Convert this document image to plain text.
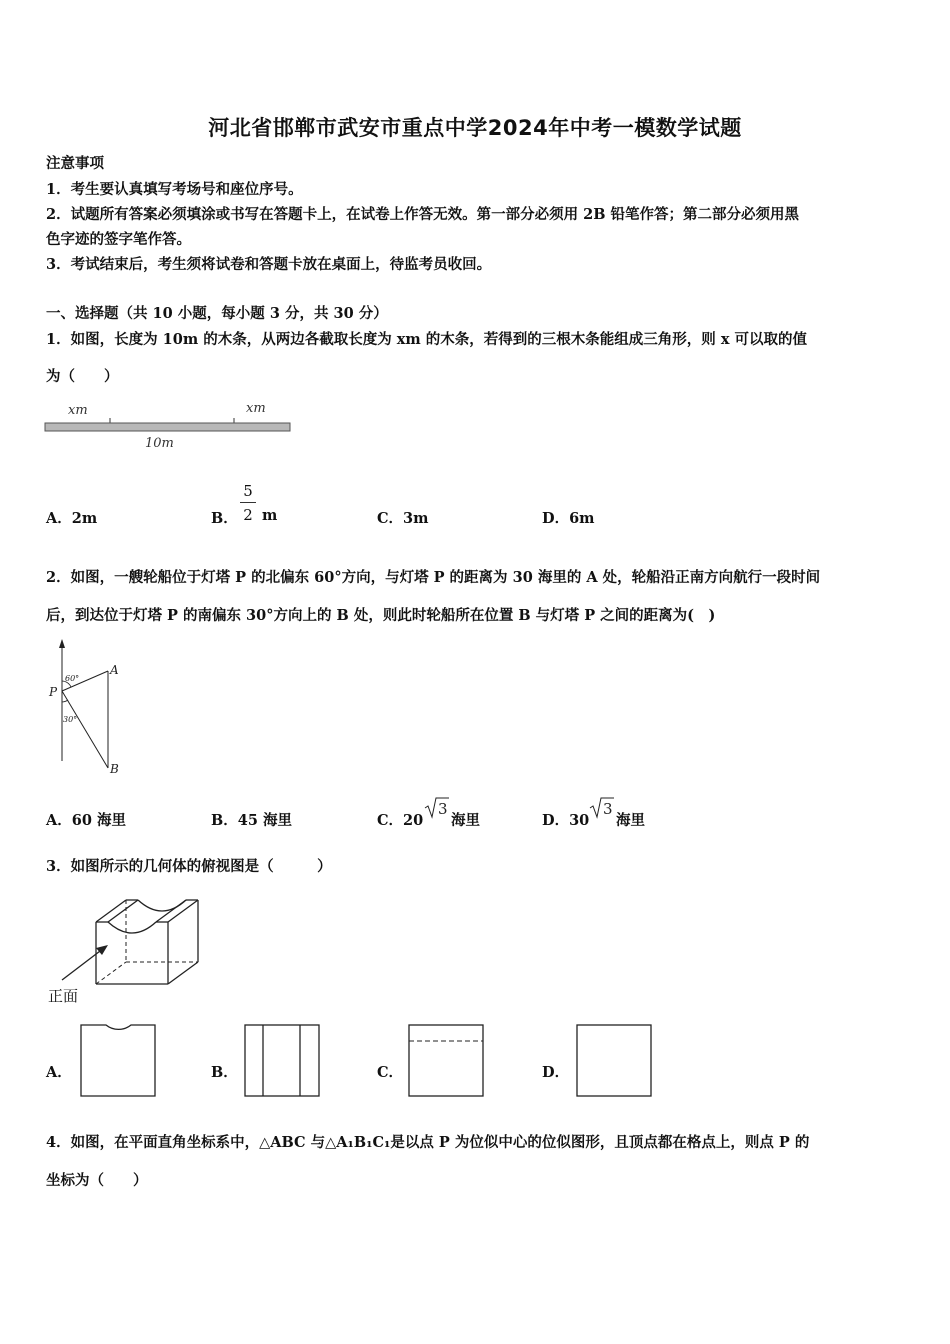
河北省邯郸市武安市重点中学2024年中考一模数学试题
注意事项
1．考生要认真填写考场号和座位序号。
2．试题所有答案必须填涂或书写在答题卡上，在试卷上作答无效。第一部分必须用 2B 铅笔作答；第二部分必须用黑
色字迹的签字笔作答。
3．考试结束后，考生须将试卷和答题卡放在桌面上，待监考员收回。
一、选择题（共 10 小题，每小题 3 分，共 30 分）
1．如图，长度为 10m 的木条，从两边各截取长度为 xm 的木条，若得到的三根木条能组成三角形，则 x 可以取的值
为（　　）
xm	xm
10m
A．2m	B．
5
2 m	C．3m	D．6m
2．如图，一艘轮船位于灯塔 P 的北偏东 60°方向，与灯塔 P 的距离为 30 海里的 A 处，轮船沿正南方向航行一段时间
后，到达位于灯塔 P 的南偏东 30°方向上的 B 处，则此时轮船所在位置 B 与灯塔 P 之间的距离为(　)
60°
30°
P
A
B
A．60 海里	B．45 海里	C．20
3
海里	D．30
3
海里
3．如图所示的几何体的俯视图是（　　　）
正面
A．	B．	C．	D．
4．如图，在平面直角坐标系中，△ABC 与△A₁B₁C₁是以点 P 为位似中心的位似图形，且顶点都在格点上，则点 P 的
坐标为（　　）
